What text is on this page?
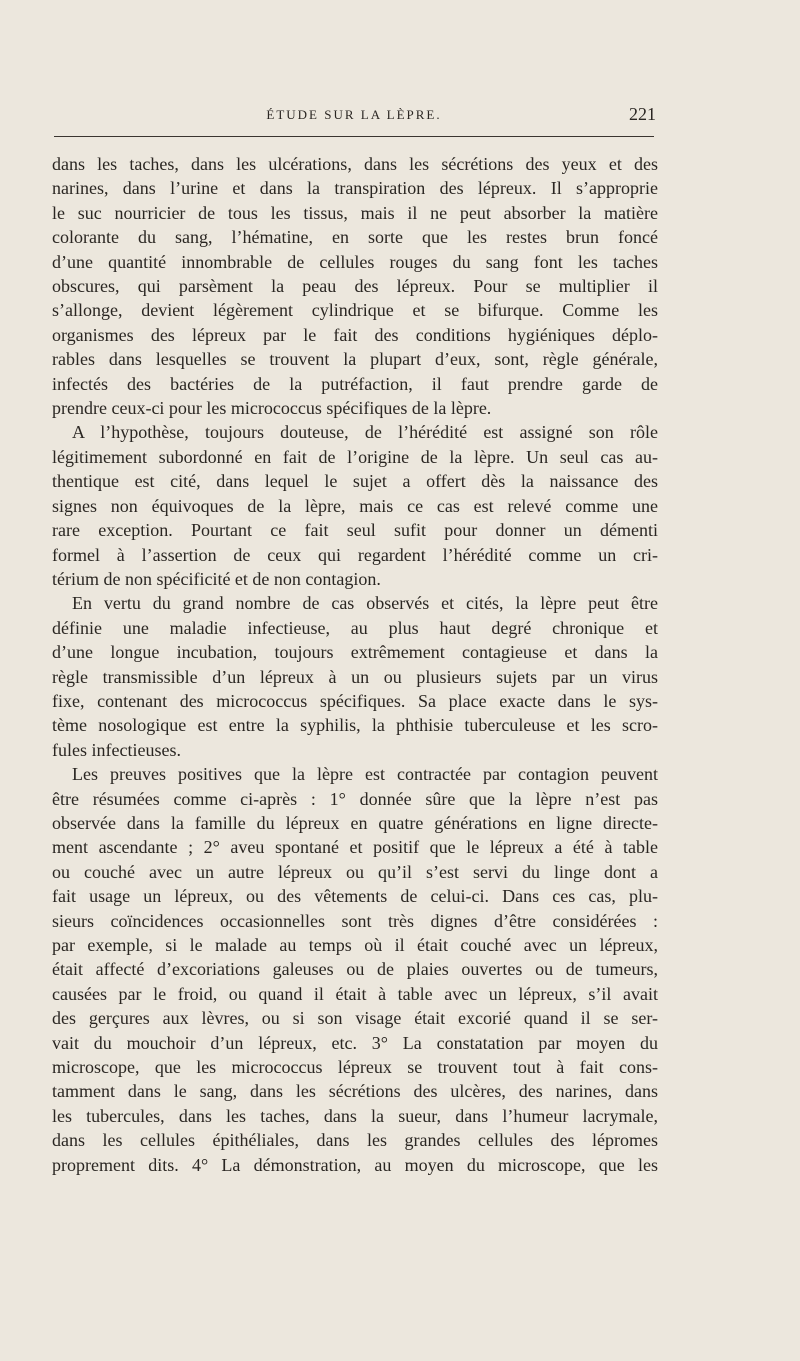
ÉTUDE SUR LA LÈPRE.	221
dans les taches, dans les ulcérations, dans les sécrétions des yeux et des
narines, dans l’urine et dans la transpiration des lépreux. Il s’approprie
le suc nourricier de tous les tissus, mais il ne peut absorber la matière
colorante du sang, l’hématine, en sorte que les restes brun foncé
d’une quantité innombrable de cellules rouges du sang font les taches
obscures, qui parsèment la peau des lépreux. Pour se multiplier il
s’allonge, devient légèrement cylindrique et se bifurque. Comme les
organismes des lépreux par le fait des conditions hygiéniques déplo-
rables dans lesquelles se trouvent la plupart d’eux, sont, règle générale,
infectés des bactéries de la putréfaction, il faut prendre garde de
prendre ceux-ci pour les micrococcus spécifiques de la lèpre.
A l’hypothèse, toujours douteuse, de l’hérédité est assigné son rôle
légitimement subordonné en fait de l’origine de la lèpre. Un seul cas au-
thentique est cité, dans lequel le sujet a offert dès la naissance des
signes non équivoques de la lèpre, mais ce cas est relevé comme une
rare exception. Pourtant ce fait seul sufit pour donner un démenti
formel à l’assertion de ceux qui regardent l’hérédité comme un cri-
térium de non spécificité et de non contagion.
En vertu du grand nombre de cas observés et cités, la lèpre peut être
définie une maladie infectieuse, au plus haut degré chronique et
d’une longue incubation, toujours extrêmement contagieuse et dans la
règle transmissible d’un lépreux à un ou plusieurs sujets par un virus
fixe, contenant des micrococcus spécifiques. Sa place exacte dans le sys-
tème nosologique est entre la syphilis, la phthisie tuberculeuse et les scro-
fules infectieuses.
Les preuves positives que la lèpre est contractée par contagion peuvent
être résumées comme ci-après : 1° donnée sûre que la lèpre n’est pas
observée dans la famille du lépreux en quatre générations en ligne directe-
ment ascendante ; 2° aveu spontané et positif que le lépreux a été à table
ou couché avec un autre lépreux ou qu’il s’est servi du linge dont a
fait usage un lépreux, ou des vêtements de celui-ci. Dans ces cas, plu-
sieurs coïncidences occasionnelles sont très dignes d’être considérées :
par exemple, si le malade au temps où il était couché avec un lépreux,
était affecté d’excoriations galeuses ou de plaies ouvertes ou de tumeurs,
causées par le froid, ou quand il était à table avec un lépreux, s’il avait
des gerçures aux lèvres, ou si son visage était excorié quand il se ser-
vait du mouchoir d’un lépreux, etc. 3° La constatation par moyen du
microscope, que les micrococcus lépreux se trouvent tout à fait cons-
tamment dans le sang, dans les sécrétions des ulcères, des narines, dans
les tubercules, dans les taches, dans la sueur, dans l’humeur lacrymale,
dans les cellules épithéliales, dans les grandes cellules des lépromes
proprement dits. 4° La démonstration, au moyen du microscope, que les
